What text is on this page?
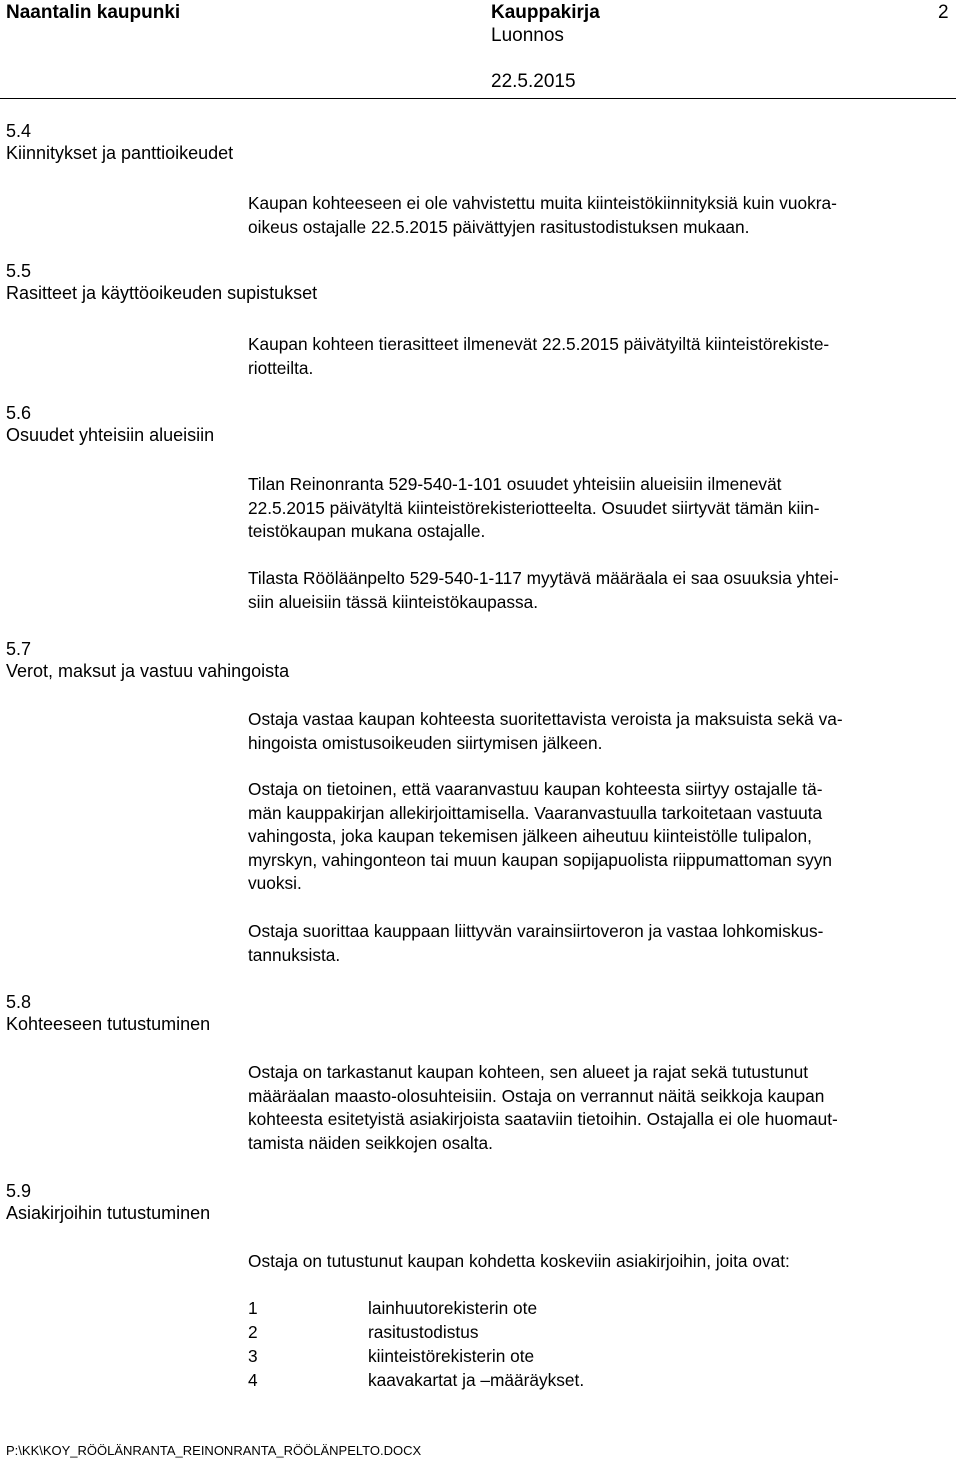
Naantalin kaupunki	Kauppakirja
Luonnos
22.5.2015
2
5.4
Kiinnitykset ja panttioikeudet
Kaupan kohteeseen ei ole vahvistettu muita kiinteistökiinnityksiä kuin vuokra-
oikeus ostajalle 22.5.2015 päivättyjen rasitustodistuksen mukaan.
5.5
Rasitteet ja käyttöoikeuden supistukset
Kaupan kohteen tierasitteet ilmenevät 22.5.2015 päivätyiltä kiinteistörekiste-
riotteilta.
5.6
Osuudet yhteisiin alueisiin
Tilan Reinonranta 529-540-1-101 osuudet yhteisiin alueisiin ilmenevät
22.5.2015 päivätyltä kiinteistörekisteriotteelta. Osuudet siirtyvät tämän kiin-
teistökaupan mukana ostajalle.
Tilasta Rööläänpelto 529-540-1-117 myytävä määräala ei saa osuuksia yhtei-
siin alueisiin tässä kiinteistökaupassa.
5.7
Verot, maksut ja vastuu vahingoista
Ostaja vastaa kaupan kohteesta suoritettavista veroista ja maksuista sekä va-
hingoista omistusoikeuden siirtymisen jälkeen.
Ostaja on tietoinen, että vaaranvastuu kaupan kohteesta siirtyy ostajalle tä-
män kauppakirjan allekirjoittamisella. Vaaranvastuulla tarkoitetaan vastuuta
vahingosta, joka kaupan tekemisen jälkeen aiheutuu kiinteistölle tulipalon,
myrskyn, vahingonteon tai muun kaupan sopijapuolista riippumattoman syyn
vuoksi.
Ostaja suorittaa kauppaan liittyvän varainsiirtoveron ja vastaa lohkomiskus-
tannuksista.
5.8
Kohteeseen tutustuminen
Ostaja on tarkastanut kaupan kohteen, sen alueet ja rajat sekä tutustunut
määräalan maasto-olosuhteisiin. Ostaja on verrannut näitä seikkoja kaupan
kohteesta esitetyistä asiakirjoista saataviin tietoihin. Ostajalla ei ole huomaut-
tamista näiden seikkojen osalta.
5.9
Asiakirjoihin tutustuminen
Ostaja on tutustunut kaupan kohdetta koskeviin asiakirjoihin, joita ovat:
1	lainhuutorekisterin ote
2	rasitustodistus
3	kiinteistörekisterin ote
4	kaavakartat ja –määräykset.
P:\KK\KOY_RÖÖLÄNRANTA_REINONRANTA_RÖÖLÄNPELTO.DOCX
